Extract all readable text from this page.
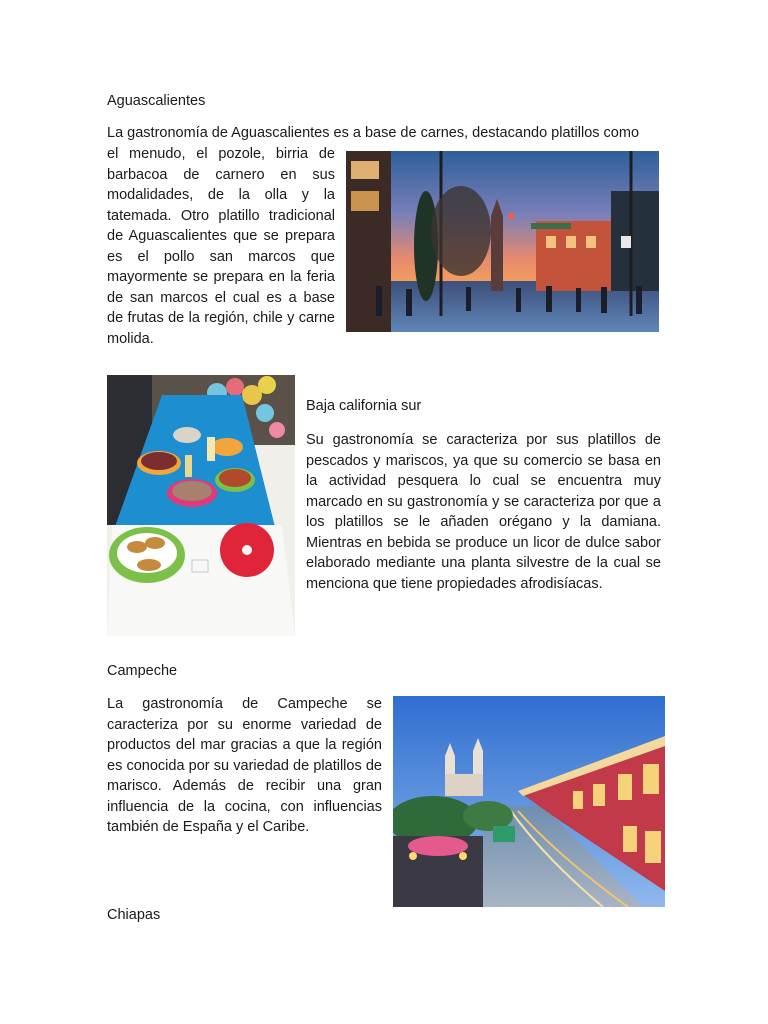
Aguascalientes
La gastronomía de Aguascalientes es a base de carnes, destacando platillos como

el menudo, el pozole, birria de barbacoa de carnero en sus modalidades, de la olla y la tatemada. Otro platillo tradicional de Aguascalientes que se prepara es el pollo san marcos que mayormente se prepara en la feria de san marcos el cual es a base de frutas de la región, chile y carne molida.

Baja california sur

Su gastronomía se caracteriza por sus platillos de pescados y mariscos, ya que su comercio se basa en la actividad pesquera lo cual se encuentra muy marcado en su gastronomía y se caracteriza por que a los platillos se le añaden orégano y la damiana. Mientras en bebida se produce un licor de dulce sabor elaborado mediante una planta silvestre de la cual se menciona que tiene propiedades afrodisíacas.

Campeche

La gastronomía de Campeche se caracteriza por su enorme variedad de productos del mar gracias a que la región es conocida por su variedad de platillos de marisco. Además de recibir una gran influencia de la cocina, con influencias también de España y el Caribe.

Chiapas
